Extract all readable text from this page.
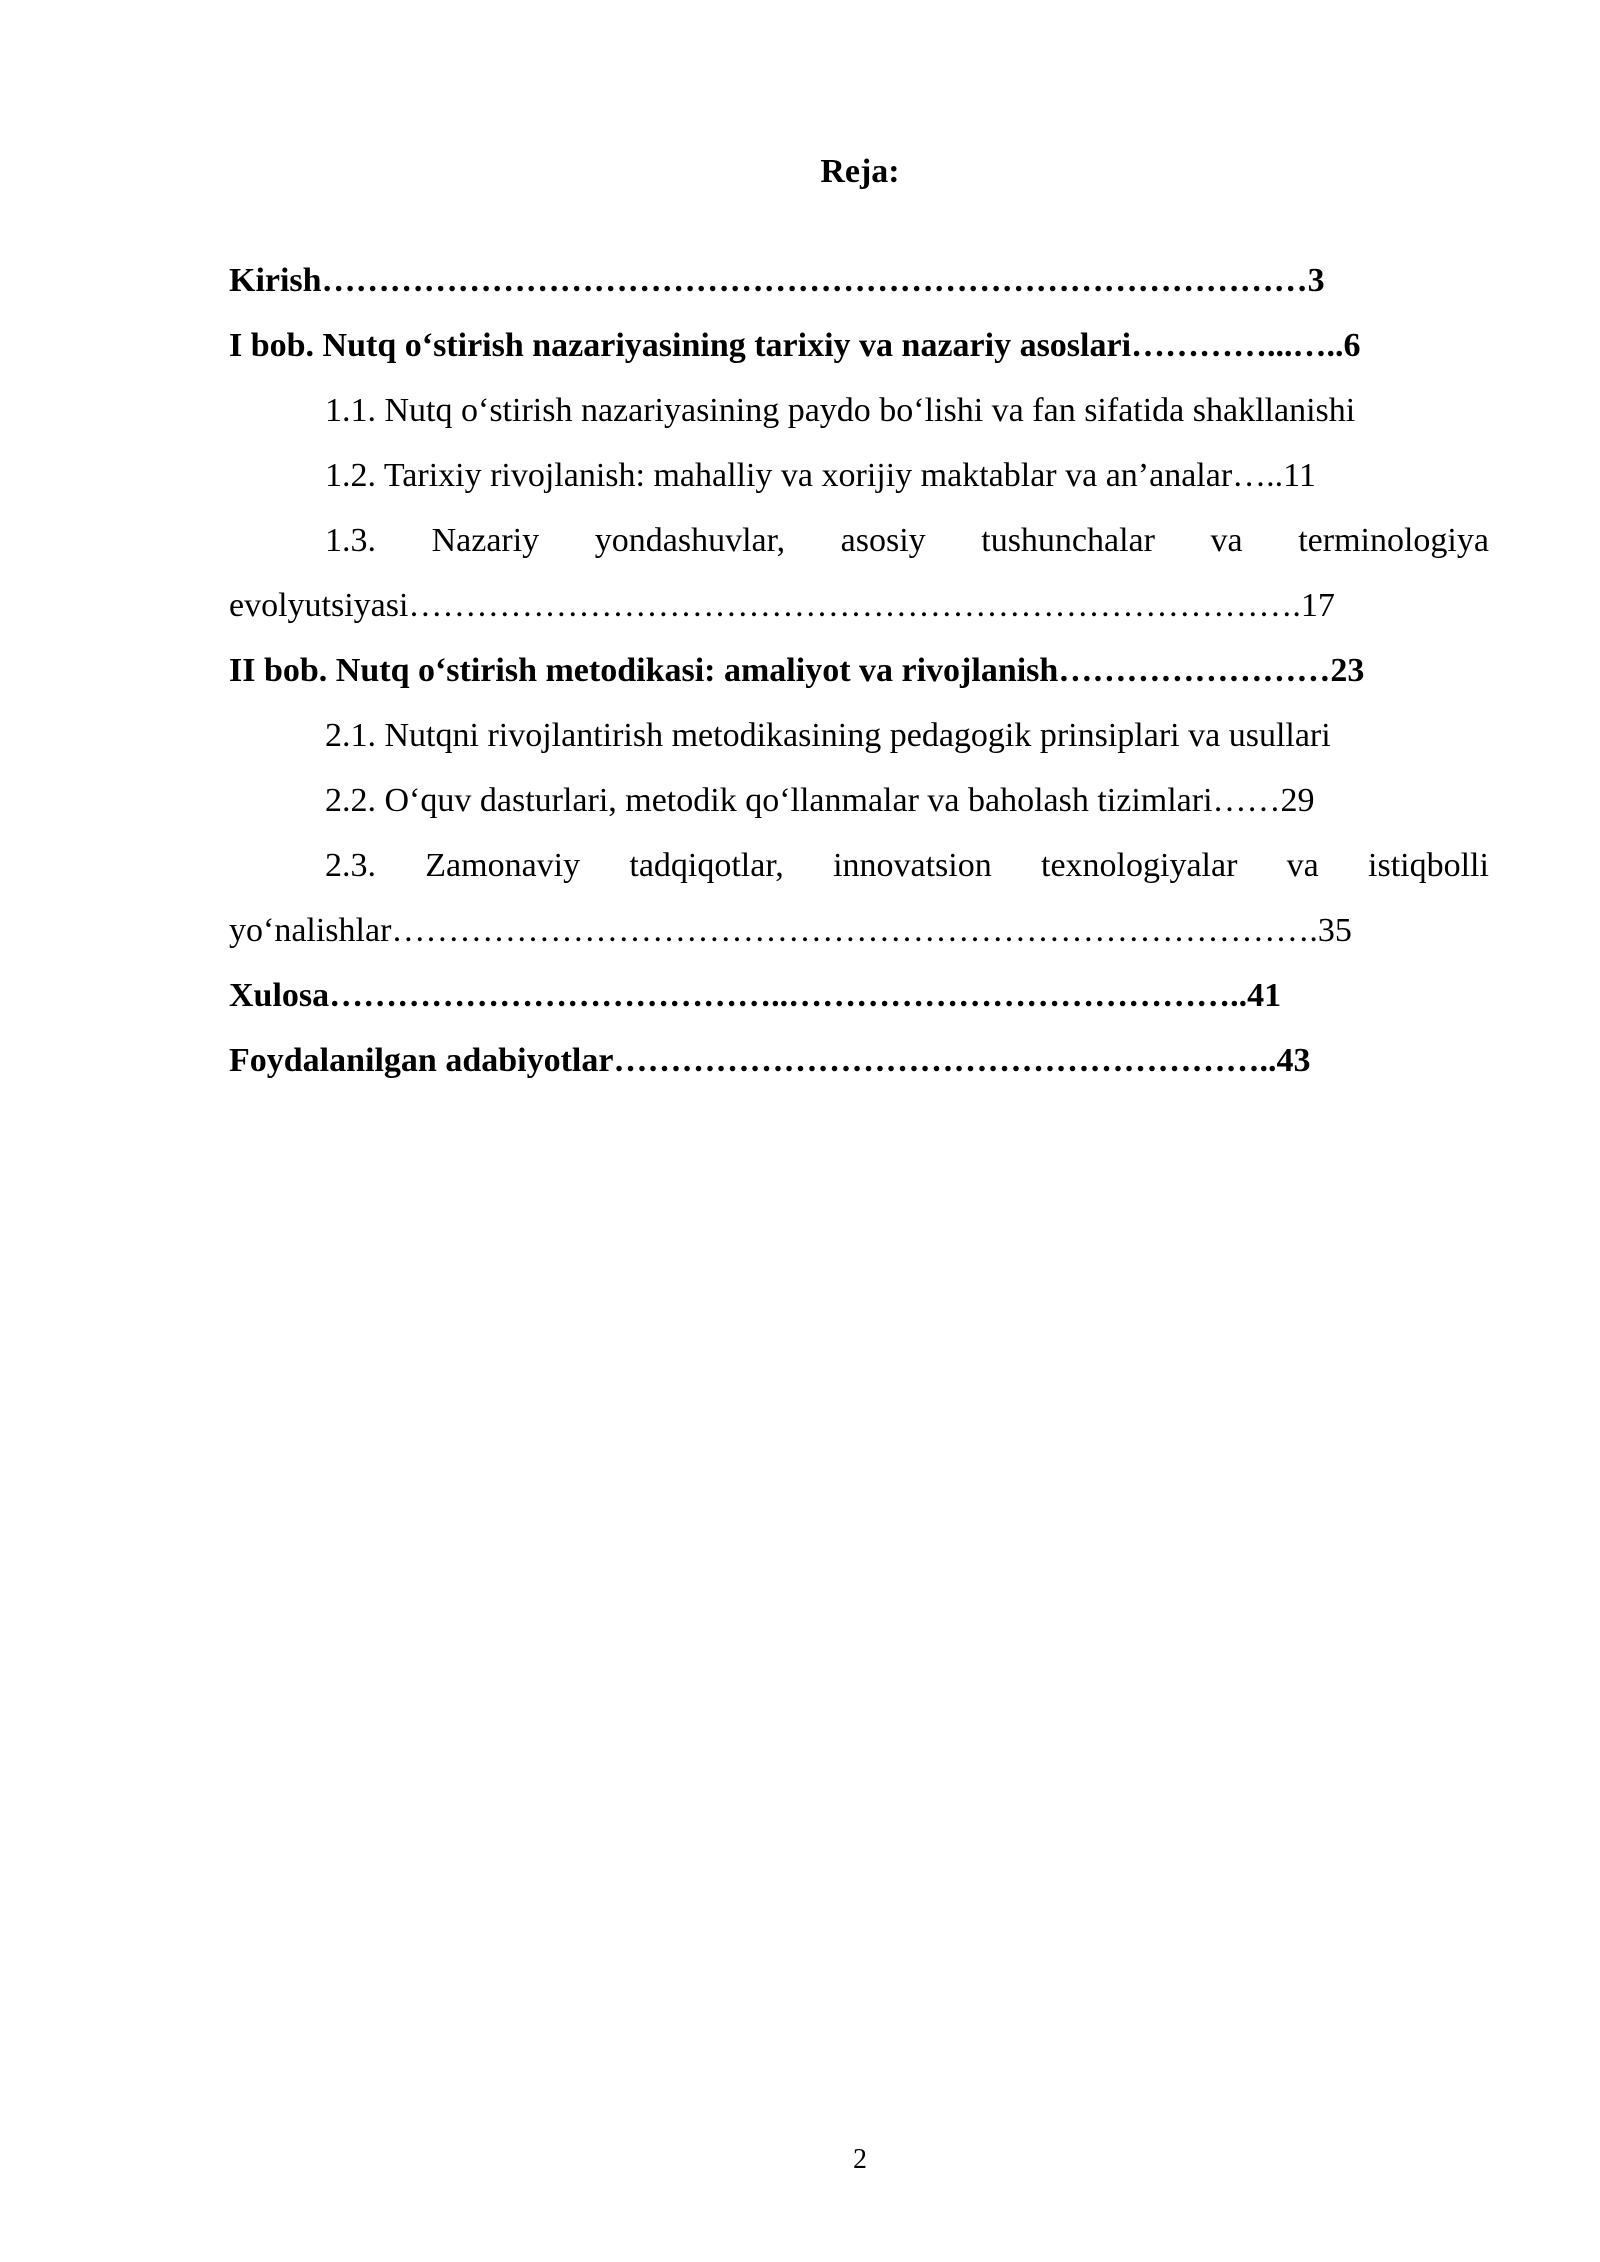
Reja:
Kirish……………………………………………………………………………3
I bob. Nutq o‘stirish nazariyasining tarixiy va nazariy asoslari…………...…..6
1.1. Nutq o‘stirish nazariyasining paydo bo‘lishi va fan sifatida shakllanishi
1.2. Tarixiy rivojlanish: mahalliy va xorijiy maktablar va an’analar…..11
1.3. Nazariy yondashuvlar, asosiy tushunchalar va terminologiya
evolyutsiyasi…………………………………………………………………….17
II bob. Nutq o‘stirish metodikasi: amaliyot va rivojlanish……………………23
2.1. Nutqni rivojlantirish metodikasining pedagogik prinsiplari va usullari
2.2. O‘quv dasturlari, metodik qo‘llanmalar va baholash tizimlari……29
2.3. Zamonaviy tadqiqotlar, innovatsion texnologiyalar va istiqbolli
yo‘nalishlar……………………………………………………………………….35
Xulosa…………………………………..…………………………………..41
Foydalanilgan adabiyotlar…………………………………………………..43
2
